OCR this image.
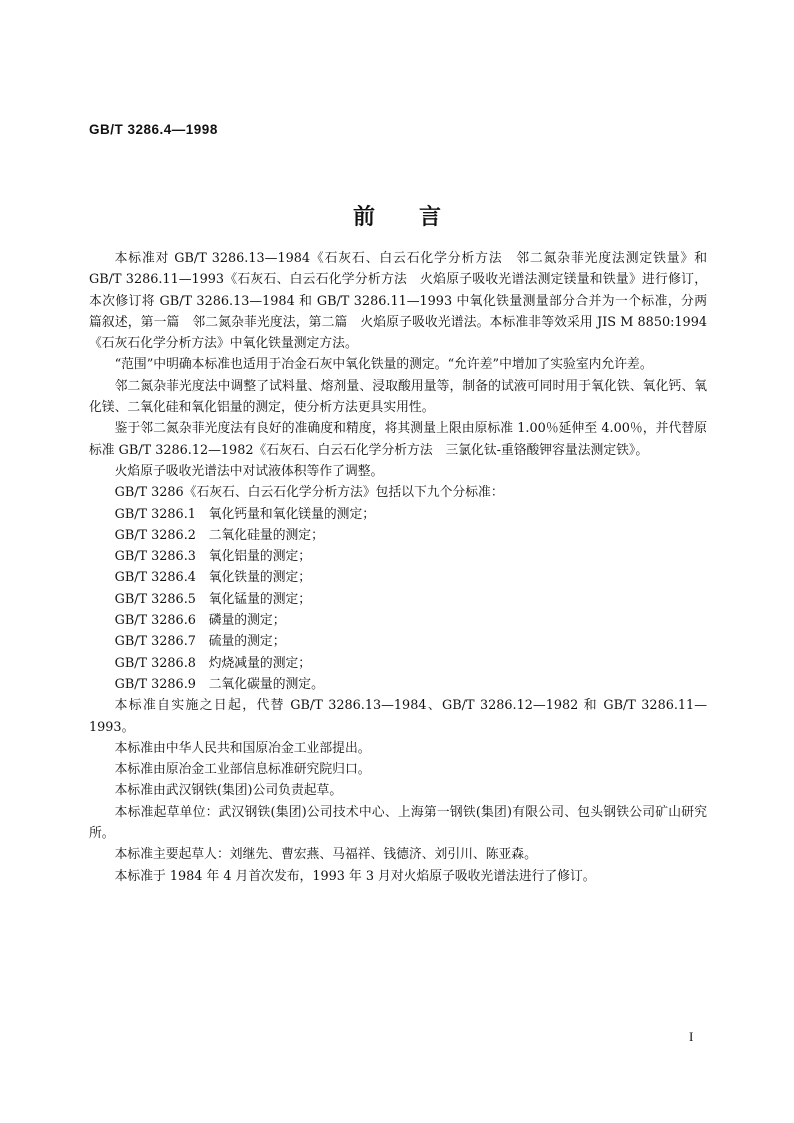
GB/T 3286.4—1998
前 言

本标准对 GB/T 3286.13—1984《石灰石、白云石化学分析方法　邻二氮杂菲光度法测定铁量》和 GB/T 3286.11—1993《石灰石、白云石化学分析方法　火焰原子吸收光谱法测定镁量和铁量》进行修订，本次修订将 GB/T 3286.13—1984 和 GB/T 3286.11—1993 中氧化铁量测量部分合并为一个标准，分两篇叙述，第一篇　邻二氮杂菲光度法，第二篇　火焰原子吸收光谱法。本标准非等效采用 JIS M 8850:1994《石灰石化学分析方法》中氧化铁量测定方法。

“范围”中明确本标准也适用于冶金石灰中氧化铁量的测定。“允许差”中增加了实验室内允许差。

邻二氮杂菲光度法中调整了试料量、熔剂量、浸取酸用量等，制备的试液可同时用于氧化铁、氧化钙、氧化镁、二氧化硅和氧化铝量的测定，使分析方法更具实用性。

鉴于邻二氮杂菲光度法有良好的准确度和精度，将其测量上限由原标准 1.00％延伸至 4.00％，并代替原标准 GB/T 3286.12—1982《石灰石、白云石化学分析方法　三氯化钛-重铬酸钾容量法测定铁》。

火焰原子吸收光谱法中对试液体积等作了调整。

GB/T 3286《石灰石、白云石化学分析方法》包括以下九个分标准：

GB/T 3286.1　氧化钙量和氧化镁量的测定；

GB/T 3286.2　二氧化硅量的测定；

GB/T 3286.3　氧化铝量的测定；

GB/T 3286.4　氧化铁量的测定；

GB/T 3286.5　氧化锰量的测定；

GB/T 3286.6　磷量的测定；

GB/T 3286.7　硫量的测定；

GB/T 3286.8　灼烧减量的测定；

GB/T 3286.9　二氧化碳量的测定。

本标准自实施之日起，代替 GB/T 3286.13—1984、GB/T 3286.12—1982 和 GB/T 3286.11—1993。

本标准由中华人民共和国原冶金工业部提出。

本标准由原冶金工业部信息标准研究院归口。

本标准由武汉钢铁(集团)公司负责起草。

本标准起草单位：武汉钢铁(集团)公司技术中心、上海第一钢铁(集团)有限公司、包头钢铁公司矿山研究所。

本标准主要起草人：刘继先、曹宏燕、马福祥、钱德济、刘引川、陈亚森。

本标准于 1984 年 4 月首次发布，1993 年 3 月对火焰原子吸收光谱法进行了修订。

I
